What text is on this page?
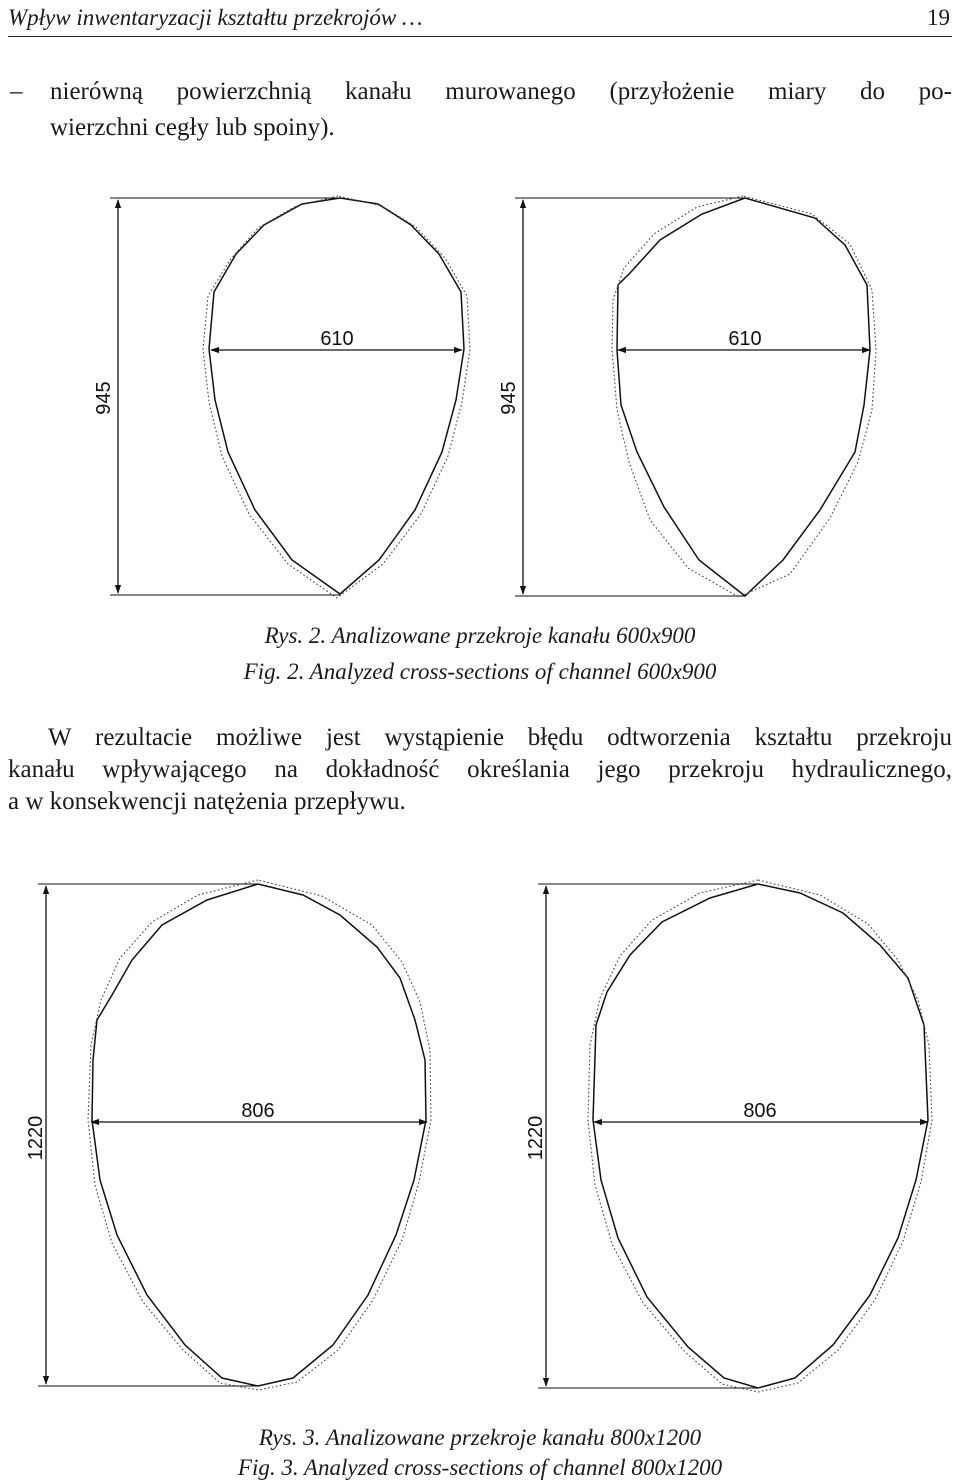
Wpływ inwentaryzacji kształtu przekrojów …	19
– nierówną powierzchnią kanału murowanego (przyłożenie miary do po-
wierzchni cegły lub spoiny).
945
610
945
610
Rys. 2. Analizowane przekroje kanału 600x900
Fig. 2. Analyzed cross-sections of channel 600x900
W rezultacie możliwe jest wystąpienie błędu odtworzenia kształtu przekroju
kanału wpływającego na dokładność określania jego przekroju hydraulicznego,
a w konsekwencji natężenia przepływu.
1220
806
1220
806
Rys. 3. Analizowane przekroje kanału 800x1200
Fig. 3. Analyzed cross-sections of channel 800x1200
